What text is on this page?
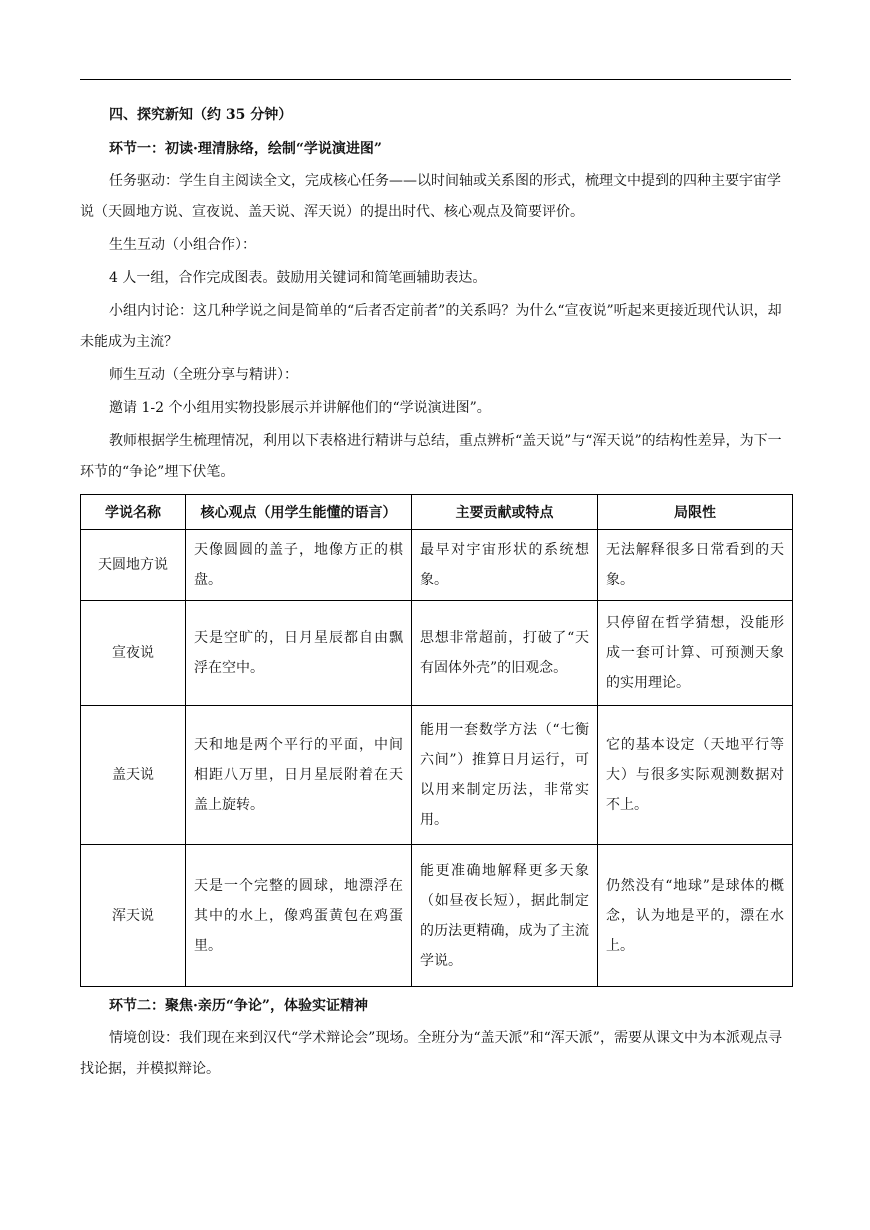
四、探究新知（约 35 分钟）

环节一：初读·理清脉络，绘制“学说演进图”

任务驱动：学生自主阅读全文，完成核心任务——以时间轴或关系图的形式，梳理文中提到的四种主要宇宙学说（天圆地方说、宣夜说、盖天说、浑天说）的提出时代、核心观点及简要评价。

生生互动（小组合作）：

4 人一组，合作完成图表。鼓励用关键词和简笔画辅助表达。

小组内讨论：这几种学说之间是简单的“后者否定前者”的关系吗？为什么“宣夜说”听起来更接近现代认识，却未能成为主流？

师生互动（全班分享与精讲）：

邀请 1-2 个小组用实物投影展示并讲解他们的“学说演进图”。

教师根据学生梳理情况，利用以下表格进行精讲与总结，重点辨析“盖天说”与“浑天说”的结构性差异，为下一环节的“争论”埋下伏笔。

学说名称	核心观点（用学生能懂的语言）	主要贡献或特点	局限性
天圆地方说	天像圆圆的盖子，地像方正的棋盘。	最早对宇宙形状的系统想象。	无法解释很多日常看到的天象。

宣夜说	天是空旷的，日月星辰都自由飘浮在空中。	思想非常超前，打破了“天有固体外壳”的旧观念。	只停留在哲学猜想，没能形成一套可计算、可预测天象的实用理论。

盖天说	天和地是两个平行的平面，中间相距八万里，日月星辰附着在天盖上旋转。	能用一套数学方法（“七衡六间”）推算日月运行，可以用来制定历法，非常实用。	它的基本设定（天地平行等大）与很多实际观测数据对不上。

浑天说	天是一个完整的圆球，地漂浮在其中的水上，像鸡蛋黄包在鸡蛋里。	能更准确地解释更多天象（如昼夜长短），据此制定的历法更精确，成为了主流学说。	仍然没有“地球”是球体的概念，认为地是平的，漂在水上。

环节二：聚焦·亲历“争论”，体验实证精神

情境创设：我们现在来到汉代“学术辩论会”现场。全班分为“盖天派”和“浑天派”，需要从课文中为本派观点寻找论据，并模拟辩论。
